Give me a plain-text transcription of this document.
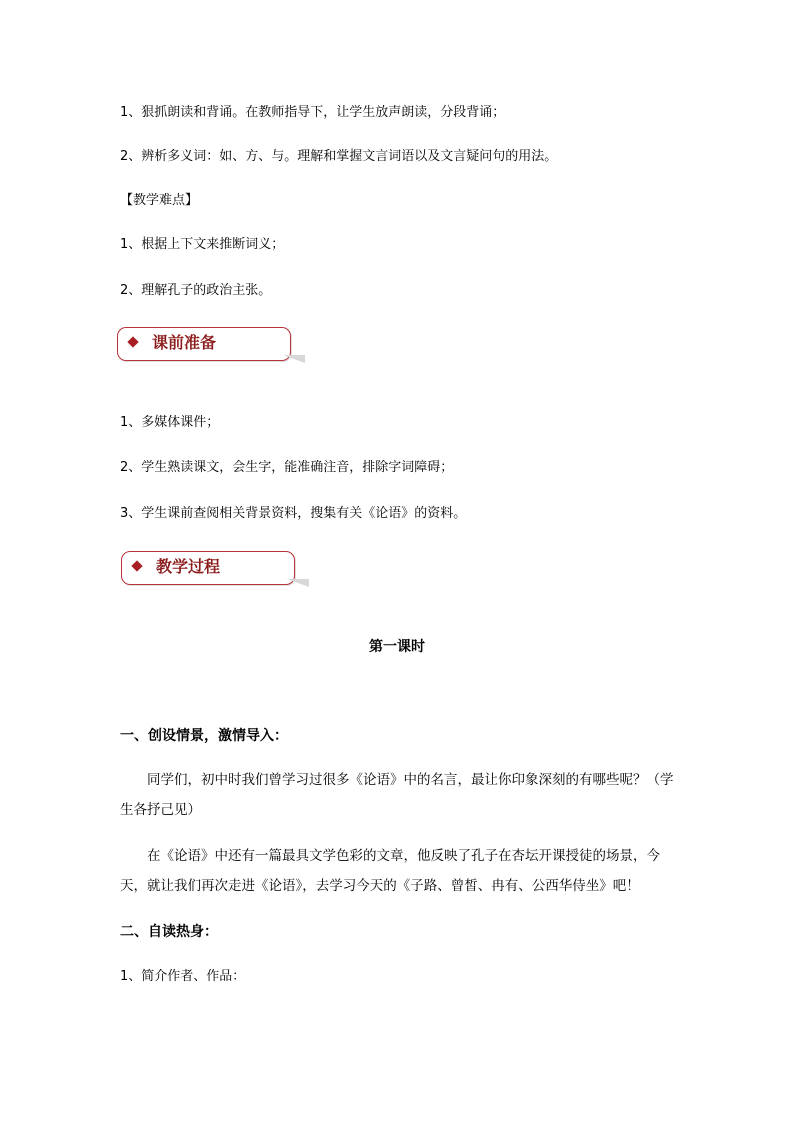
1、狠抓朗读和背诵。在教师指导下，让学生放声朗读，分段背诵；
2、辨析多义词：如、方、与。理解和掌握文言词语以及文言疑问句的用法。
【教学难点】
1、根据上下文来推断词义；
2、理解孔子的政治主张。
课前准备
1、多媒体课件；
2、学生熟读课文，会生字，能准确注音，排除字词障碍；
3、学生课前查阅相关背景资料，搜集有关《论语》的资料。
教学过程
第一课时
一、创设情景，激情导入：
同学们，初中时我们曾学习过很多《论语》中的名言，最让你印象深刻的有哪些呢？（学生各抒己见）
在《论语》中还有一篇最具文学色彩的文章，他反映了孔子在杏坛开课授徒的场景，今天，就让我们再次走进《论语》，去学习今天的《子路、曾皙、冉有、公西华侍坐》吧！
二、自读热身：
1、简介作者、作品：
